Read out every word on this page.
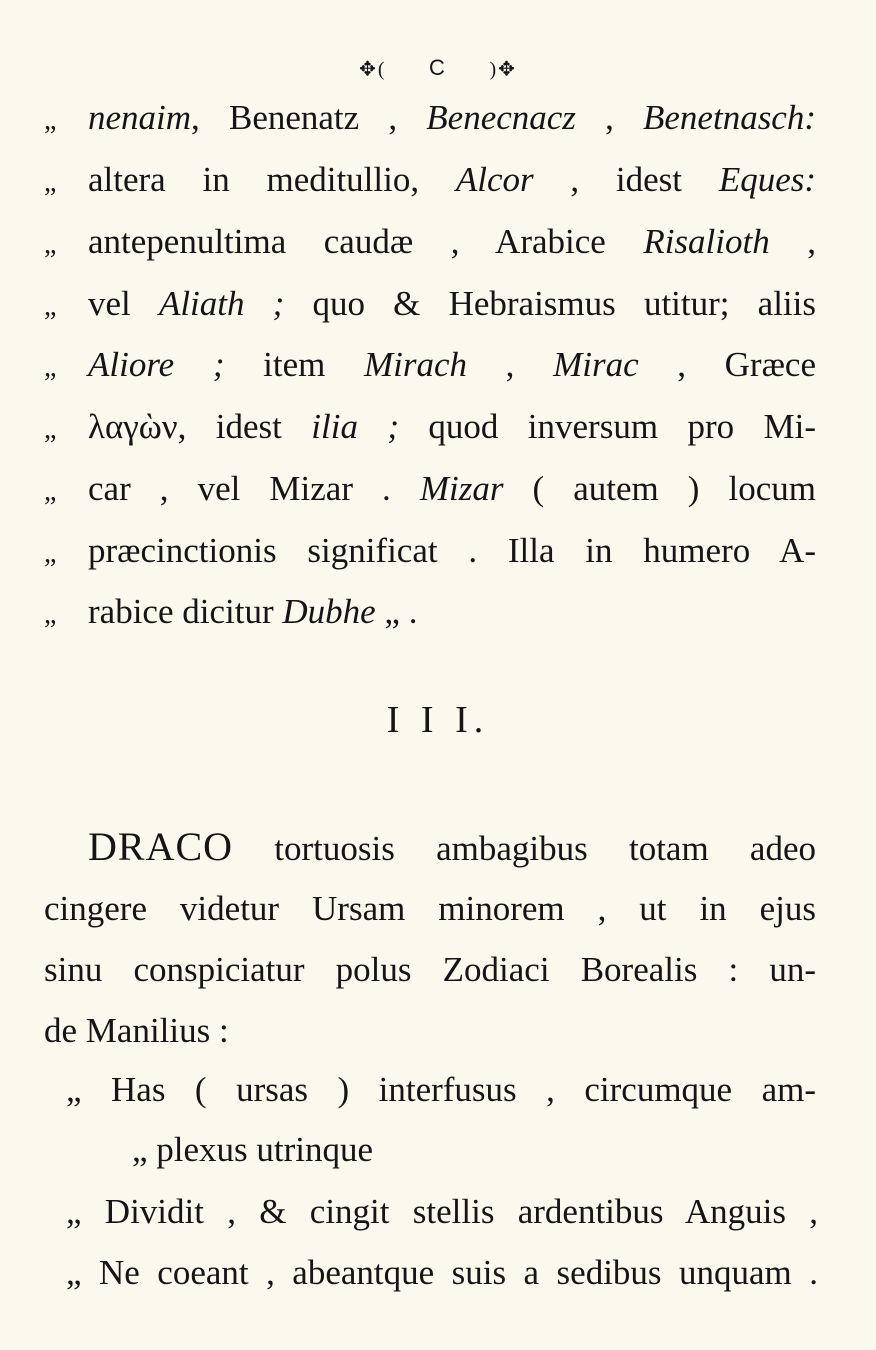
✥( C )✥
„ nenaim, Benenatz , Benecnacz , Benetnasch:
„ altera in meditullio, Alcor , idest Eques:
„ antepenultima caudæ , Arabice Risalioth ,
„ vel Aliath ; quo & Hebraismus utitur; aliis
„ Aliore ; item Mirach , Mirac , Græce
„ λαγὼν, idest ilia ; quod inversum pro Mi-
„ car , vel Mizar . Mizar ( autem ) locum
„ præcinctionis significat . Illa in humero A-
„ rabice dicitur Dubhe „ .
I I I.
DRACO tortuosis ambagibus totam adeo
cingere videtur Ursam minorem , ut in ejus
sinu conspiciatur polus Zodiaci Borealis : un-
de Manilius :
„ Has ( ursas ) interfusus , circumque am-
„ plexus utrinque
„ Dividit , & cingit stellis ardentibus Anguis ,
„ Ne coeant , abeantque suis a sedibus unquam .
